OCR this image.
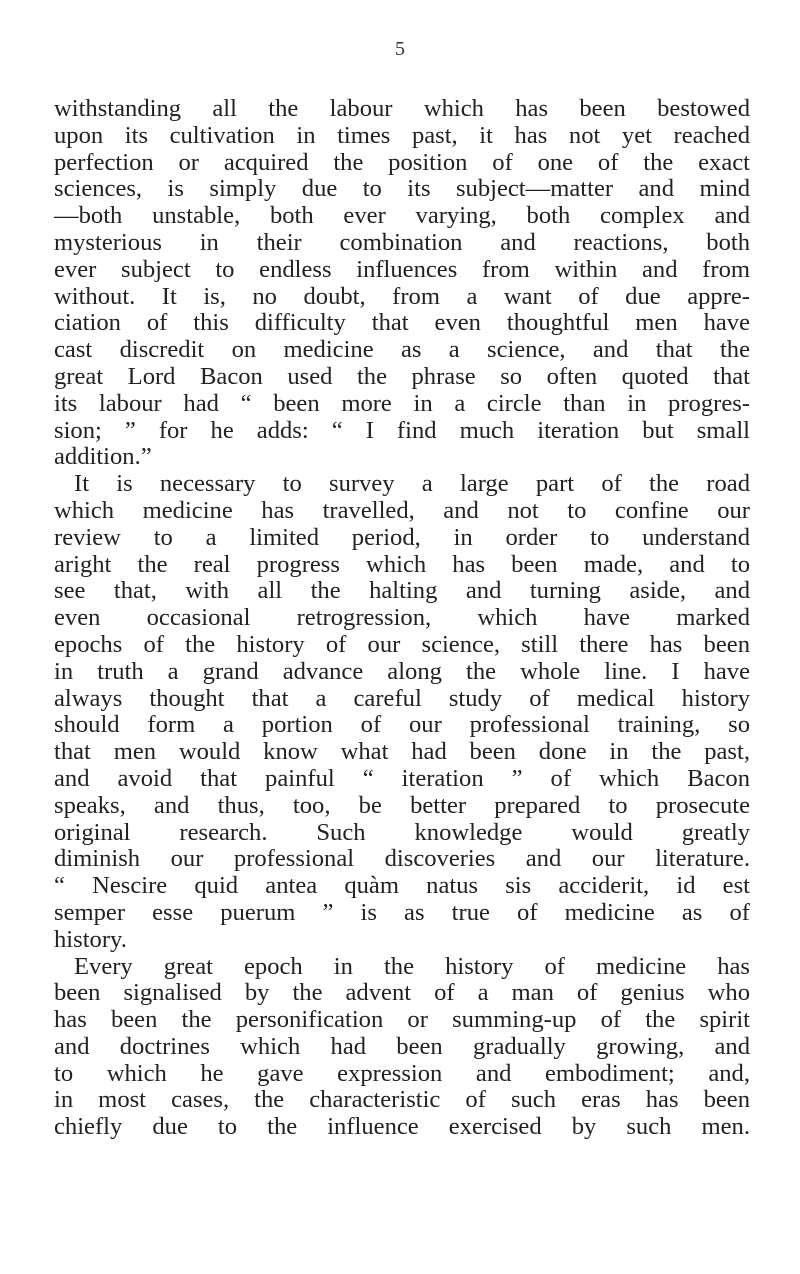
5
withstanding all the labour which has been bestowed
upon its cultivation in times past, it has not yet reached
perfection or acquired the position of one of the exact
sciences, is simply due to its subject—matter and mind
—both unstable, both ever varying, both complex and
mysterious in their combination and reactions, both
ever subject to endless influences from within and from
without. It is, no doubt, from a want of due appre-
ciation of this difficulty that even thoughtful men have
cast discredit on medicine as a science, and that the
great Lord Bacon used the phrase so often quoted that
its labour had “ been more in a circle than in progres-
sion; ” for he adds: “ I find much iteration but small
addition.”
It is necessary to survey a large part of the road
which medicine has travelled, and not to confine our
review to a limited period, in order to understand
aright the real progress which has been made, and to
see that, with all the halting and turning aside, and
even occasional retrogression, which have marked
epochs of the history of our science, still there has been
in truth a grand advance along the whole line. I have
always thought that a careful study of medical history
should form a portion of our professional training, so
that men would know what had been done in the past,
and avoid that painful “ iteration ” of which Bacon
speaks, and thus, too, be better prepared to prosecute
original research. Such knowledge would greatly
diminish our professional discoveries and our literature.
“ Nescire quid antea quàm natus sis acciderit, id est
semper esse puerum ” is as true of medicine as of
history.
Every great epoch in the history of medicine has
been signalised by the advent of a man of genius who
has been the personification or summing-up of the spirit
and doctrines which had been gradually growing, and
to which he gave expression and embodiment; and,
in most cases, the characteristic of such eras has been
chiefly due to the influence exercised by such men.
